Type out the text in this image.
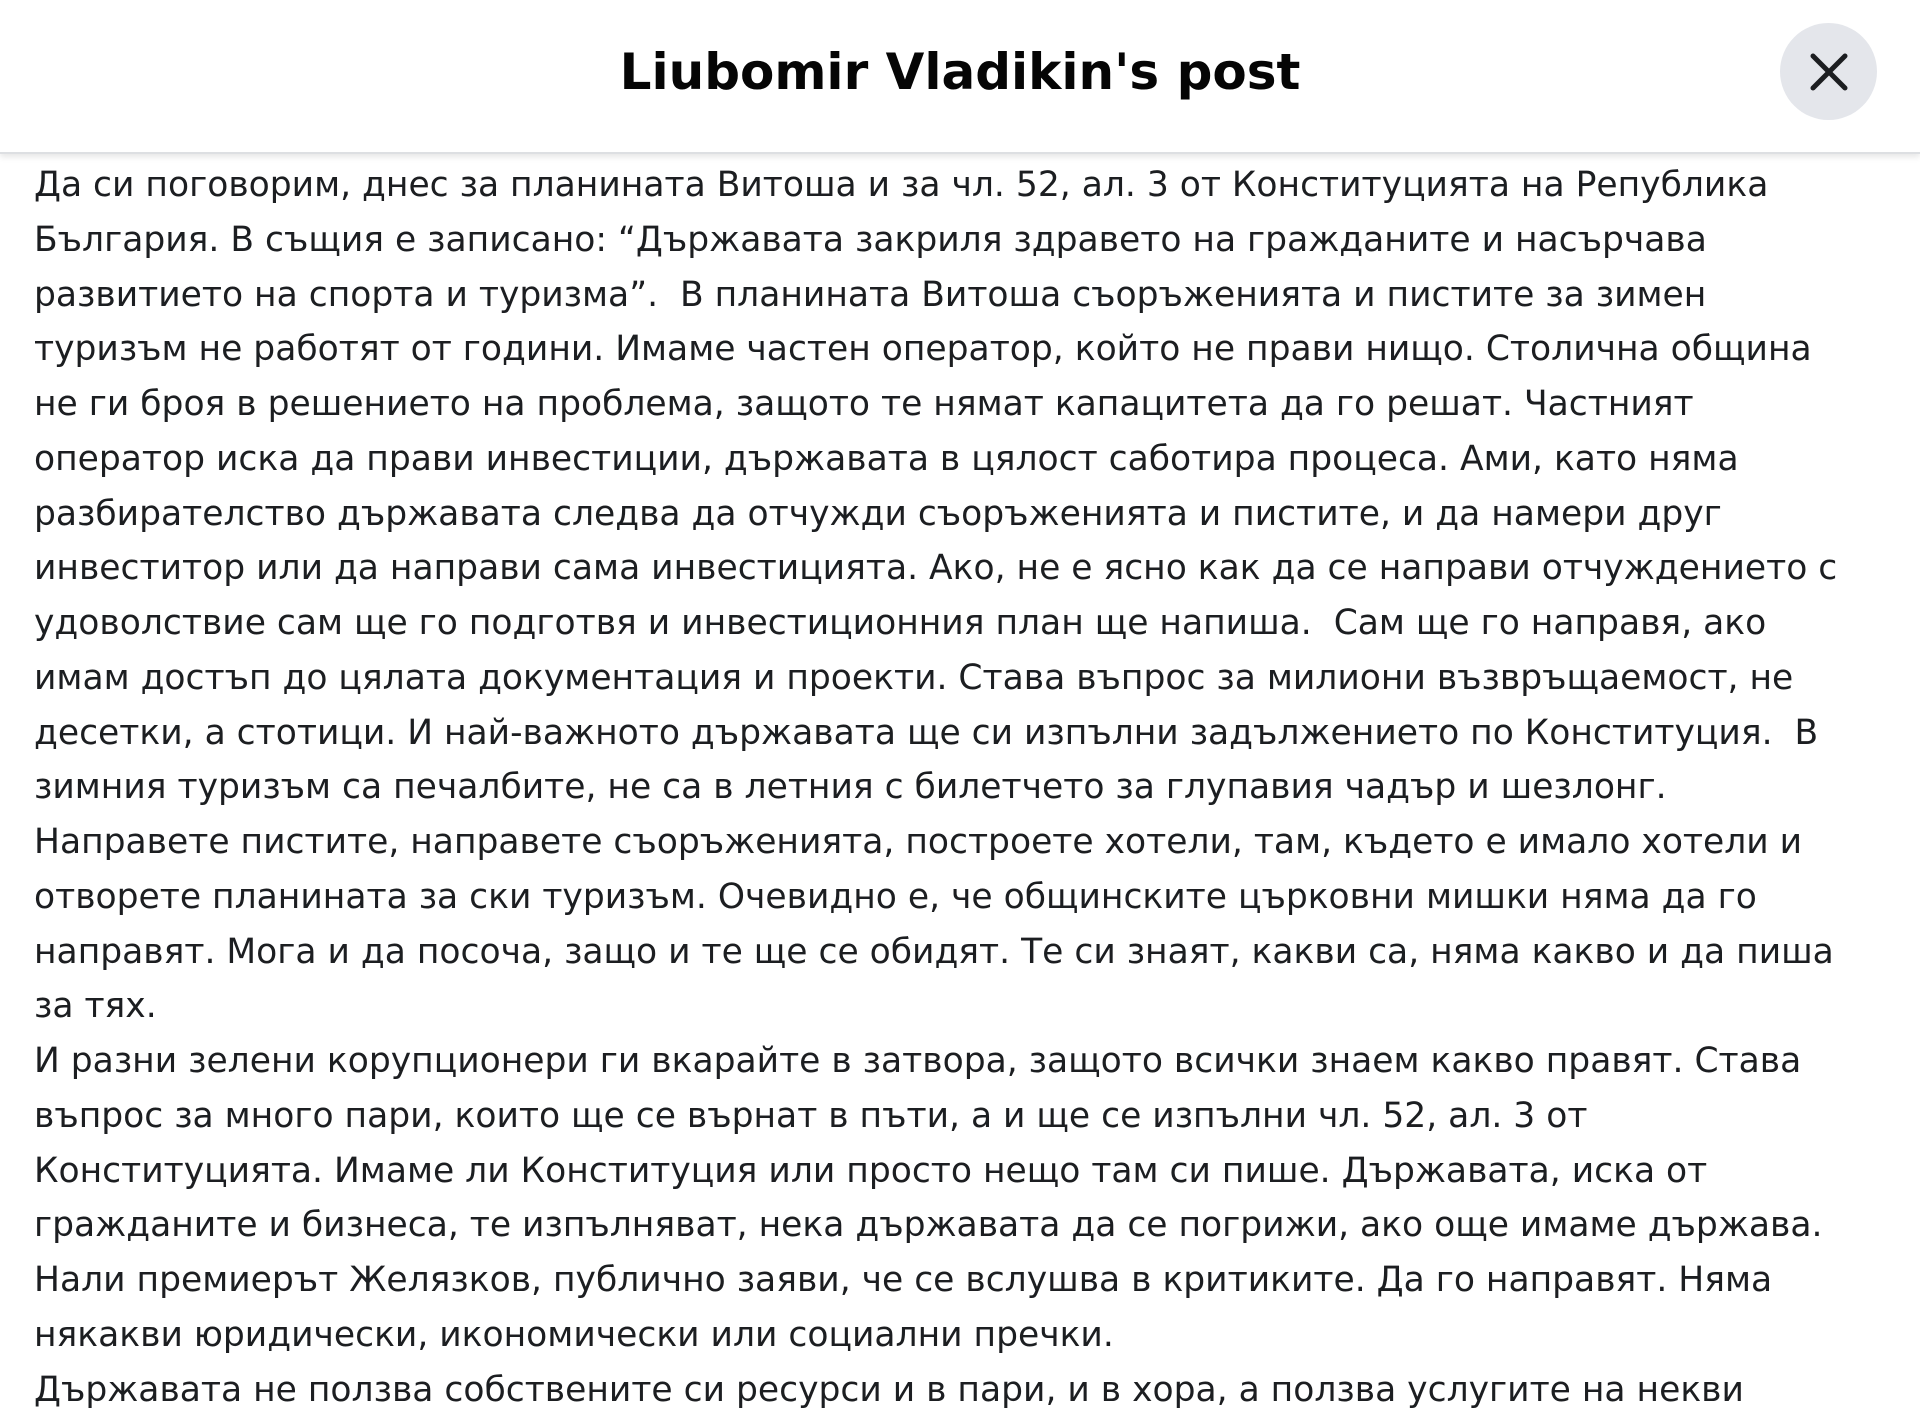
Liubomir Vladikin's post

Да си поговорим, днес за планината Витоша и за чл. 52, ал. 3 от Конституцията на Република
България. В същия е записано: “Държавата закриля здравето на гражданите и насърчава
развитието на спорта и туризма”.  В планината Витоша съоръженията и пистите за зимен
туризъм не работят от години. Имаме частен оператор, който не прави нищо. Столична община
не ги броя в решението на проблема, защото те нямат капацитета да го решат. Частният
оператор иска да прави инвестиции, държавата в цялост саботира процеса. Ами, като няма
разбирателство държавата следва да отчужди съоръженията и пистите, и да намери друг
инвеститор или да направи сама инвестицията. Ако, не е ясно как да се направи отчуждението с
удоволствие сам ще го подготвя и инвестиционния план ще напиша.  Сам ще го направя, ако
имам достъп до цялата документация и проекти. Става въпрос за милиони възвръщаемост, не
десетки, а стотици. И най-важното държавата ще си изпълни задължението по Конституция.  В
зимния туризъм са печалбите, не са в летния с билетчето за глупавия чадър и шезлонг.
Направете пистите, направете съоръженията, построете хотели, там, където е имало хотели и
отворете планината за ски туризъм. Очевидно е, че общинските църковни мишки няма да го
направят. Мога и да посоча, защо и те ще се обидят. Те си знаят, какви са, няма какво и да пиша
за тях.

И разни зелени корупционери ги вкарайте в затвора, защото всички знаем какво правят. Става
въпрос за много пари, които ще се върнат в пъти, а и ще се изпълни чл. 52, ал. 3 от
Конституцията. Имаме ли Конституция или просто нещо там си пише. Държавата, иска от
гражданите и бизнеса, те изпълняват, нека държавата да се погрижи, ако още имаме държава.
Нали премиерът Желязков, публично заяви, че се вслушва в критиките. Да го направят. Няма
някакви юридически, икономически или социални пречки.

Държавата не ползва собствените си ресурси и в пари, и в хора, а ползва услугите на некви
